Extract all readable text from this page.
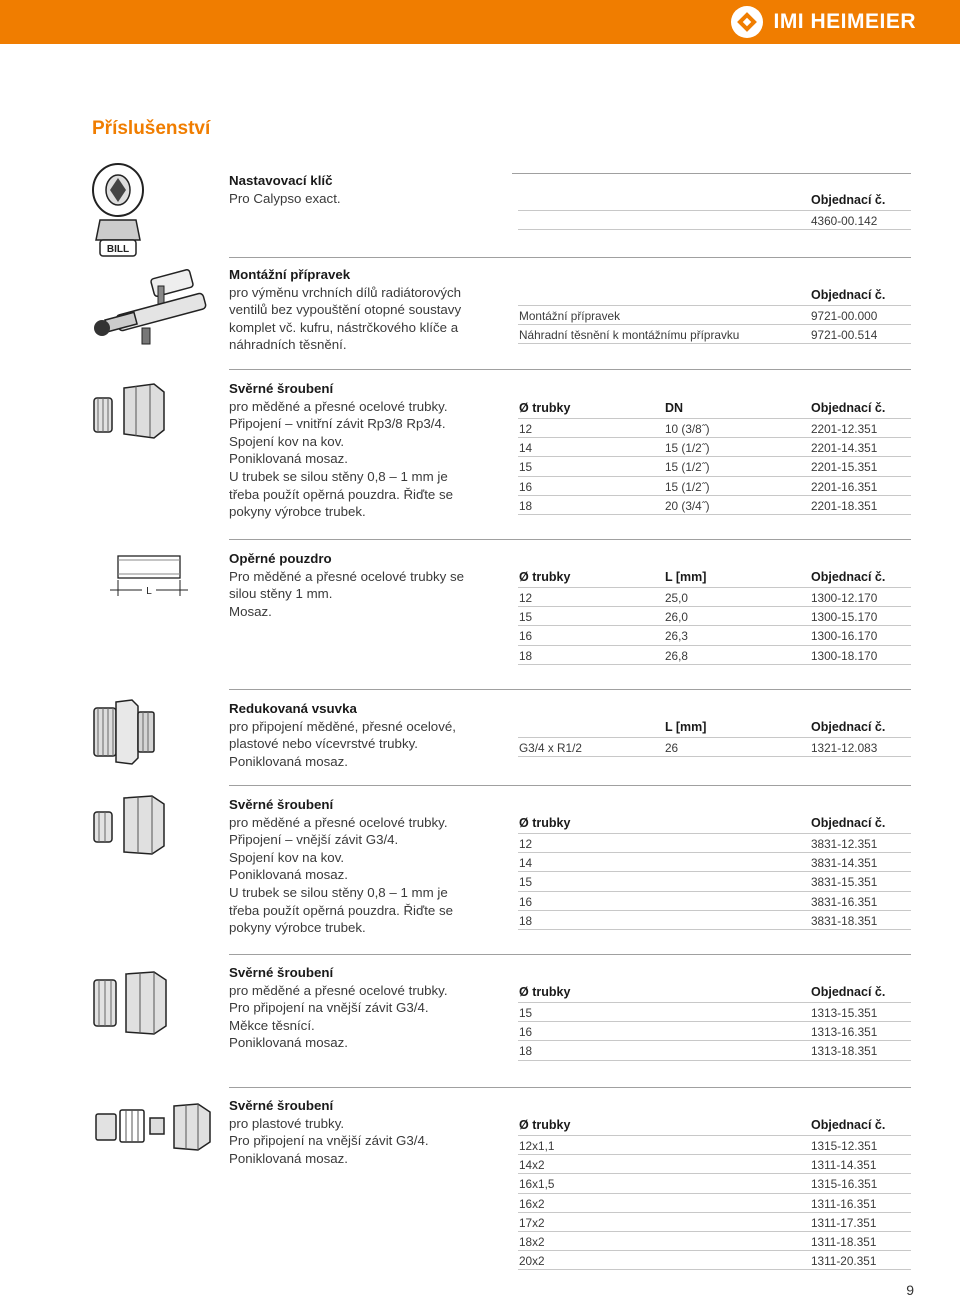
IMI HEIMEIER
Příslušenství
Nastavovací klíč
Pro Calypso exact.	Objednací č.
4360-00.142
BILL
Montážní přípravek
pro výměnu vrchních dílů radiátorových
ventilů bez vypouštění otopné soustavy
komplet vč. kufru, nástrčkového klíče a
náhradních těsnění.
Objednací č.
Montážní přípravek	9721-00.000
Náhradní těsnění k montážnímu přípravku	9721-00.514
Svěrné šroubení
pro měděné a přesné ocelové trubky.
Připojení – vnitřní závit Rp3/8 Rp3/4.
Spojení kov na kov.
Poniklovaná mosaz.
U trubek se silou stěny 0,8 – 1 mm je
třeba použít opěrná pouzdra. Řiďte se
pokyny výrobce trubek.
Ø trubky	DN	Objednací č.
12	10 (3/8˝)	2201-12.351
14	15 (1/2˝)	2201-14.351
15	15 (1/2˝)	2201-15.351
16	15 (1/2˝)	2201-16.351
18	20 (3/4˝)	2201-18.351
Opěrné pouzdro
Pro měděné a přesné ocelové trubky se
silou stěny 1 mm.
Mosaz.
Ø trubky	L [mm]	Objednací č.
12	25,0	1300-12.170
15	26,0	1300-15.170
16	26,3	1300-16.170
18	26,8	1300-18.170
L
Redukovaná vsuvka
pro připojení měděné, přesné ocelové,
plastové nebo vícevrstvé trubky.
Poniklovaná mosaz.
L [mm]	Objednací č.
G3/4 x R1/2	26	1321-12.083
Svěrné šroubení
pro měděné a přesné ocelové trubky.
Připojení – vnější závit G3/4.
Spojení kov na kov.
Poniklovaná mosaz.
U trubek se silou stěny 0,8 – 1 mm je
třeba použít opěrná pouzdra. Řiďte se
pokyny výrobce trubek.
Ø trubky	Objednací č.
12	3831-12.351
14	3831-14.351
15	3831-15.351
16	3831-16.351
18	3831-18.351
Svěrné šroubení
pro měděné a přesné ocelové trubky.
Pro připojení na vnější závit G3/4.
Měkce těsnící.
Poniklovaná mosaz.
Ø trubky	Objednací č.
15	1313-15.351
16	1313-16.351
18	1313-18.351
Svěrné šroubení
pro plastové trubky.
Pro připojení na vnější závit G3/4.
Poniklovaná mosaz.
Ø trubky	Objednací č.
12x1,1	1315-12.351
14x2	1311-14.351
16x1,5	1315-16.351
16x2	1311-16.351
17x2	1311-17.351
18x2	1311-18.351
20x2	1311-20.351
9
